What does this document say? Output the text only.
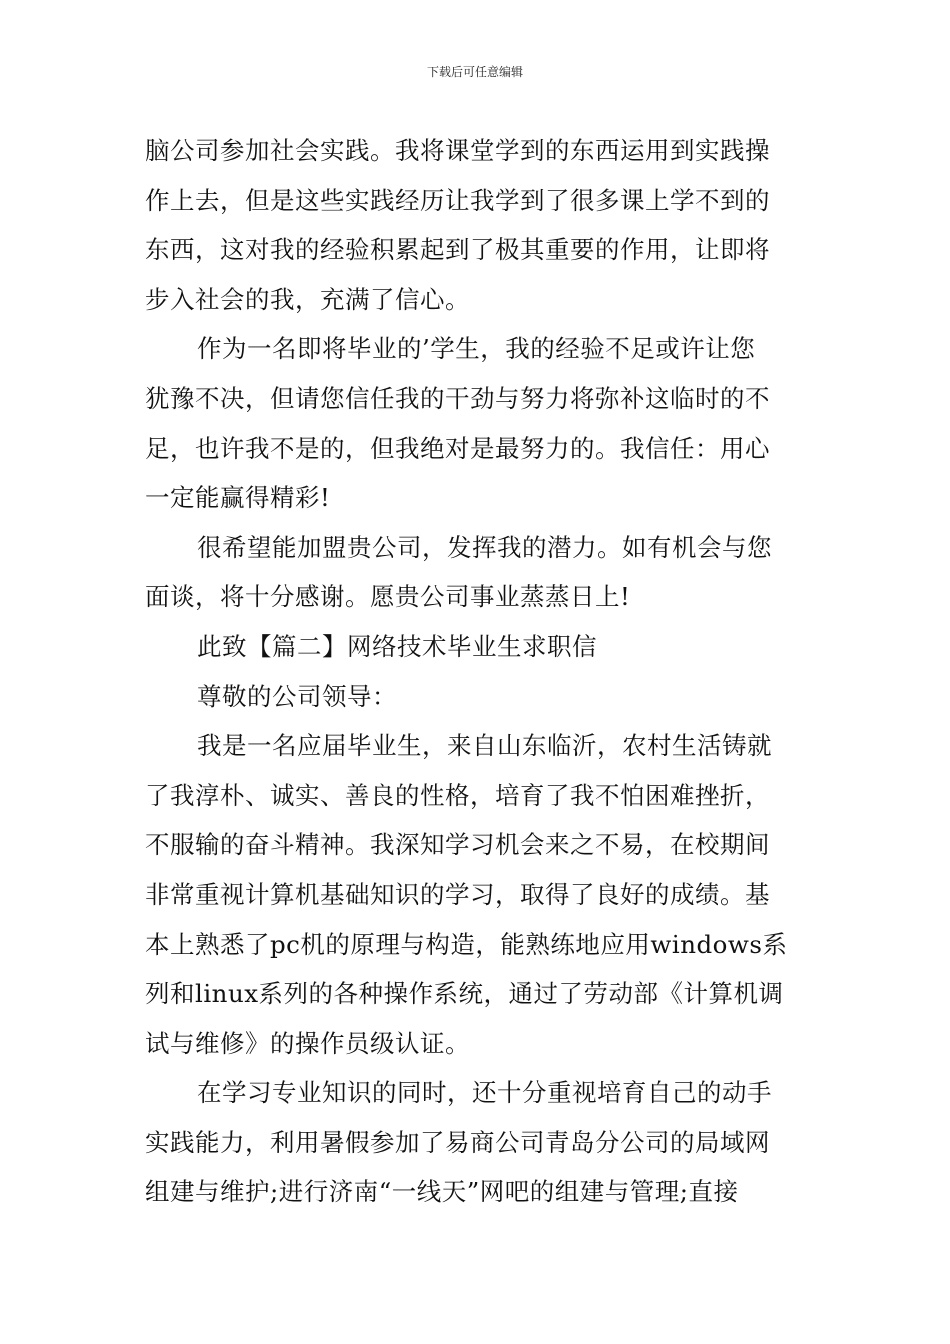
下载后可任意编辑

脑公司参加社会实践。我将课堂学到的东西运用到实践操
作上去，但是这些实践经历让我学到了很多课上学不到的
东西，这对我的经验积累起到了极其重要的作用，让即将
步入社会的我，充满了信心。

作为一名即将毕业的’学生，我的经验不足或许让您
犹豫不决，但请您信任我的干劲与努力将弥补这临时的不
足，也许我不是的，但我绝对是最努力的。我信任：用心
一定能赢得精彩!

很希望能加盟贵公司，发挥我的潜力。如有机会与您
面谈，将十分感谢。愿贵公司事业蒸蒸日上!

此致【篇二】网络技术毕业生求职信

尊敬的公司领导：

我是一名应届毕业生，来自山东临沂，农村生活铸就
了我淳朴、诚实、善良的性格，培育了我不怕困难挫折，
不服输的奋斗精神。我深知学习机会来之不易，在校期间
非常重视计算机基础知识的学习，取得了良好的成绩。基
本上熟悉了pc机的原理与构造，能熟练地应用windows系
列和linux系列的各种操作系统，通过了劳动部《计算机调
试与维修》的操作员级认证。

在学习专业知识的同时，还十分重视培育自己的动手
实践能力，利用暑假参加了易商公司青岛分公司的局域网
组建与维护;进行济南“一线天”网吧的组建与管理;直接
